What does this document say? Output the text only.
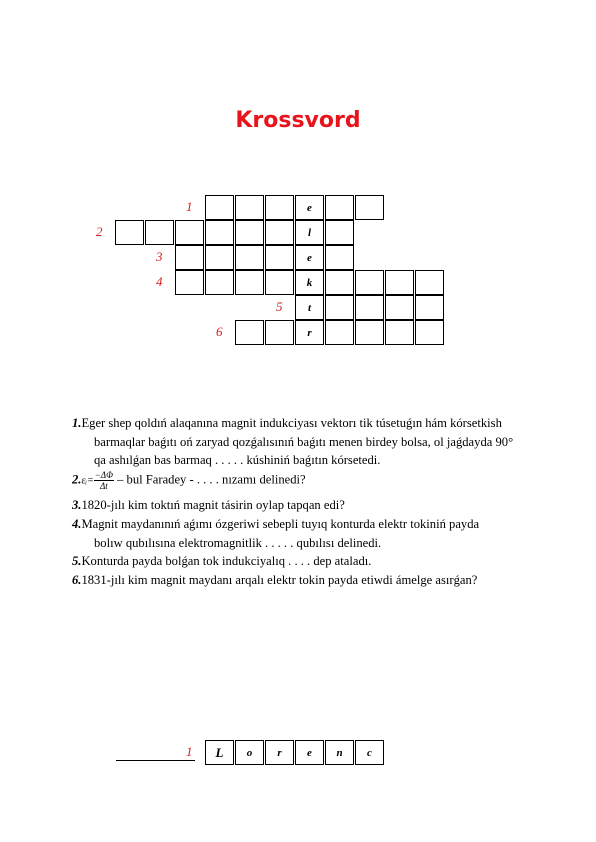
Krossvord
1	e
2	l
3	e
4	k
5	t
6	r

1.Eger shep qoldıń alaqanına magnit indukciyası vektorı tik túsetuǵın hám kórsetkish

barmaqlar baǵıtı oń zaryad qozǵalısınıń baǵıtı menen birdey bolsa, ol jaǵdayda 90°

qa ashılǵan bas barmaq . . . . . kúshiniń baǵıtın kórsetedi.

2.εᵢ= $\frac{-\Delta\Phi}{\Delta t}$ – bul Faradey - . . . . nızamı delinedi?

3.1820-jılı kim toktıń magnit tásirin oylap tapqan edi?

4.Magnit maydanınıń aǵımı ózgeriwi sebepli tuyıq konturda elektr tokiniń payda

bolıw qubılısına elektromagnitlik . . . . . qubılısı delinedi.

5.Konturda payda bolǵan tok indukciyalıq . . . . dep ataladı.

6.1831-jılı kim magnit maydanı arqalı elektr tokin payda etiwdi ámelge asırǵan?

1	L	o	r	e	n	c
